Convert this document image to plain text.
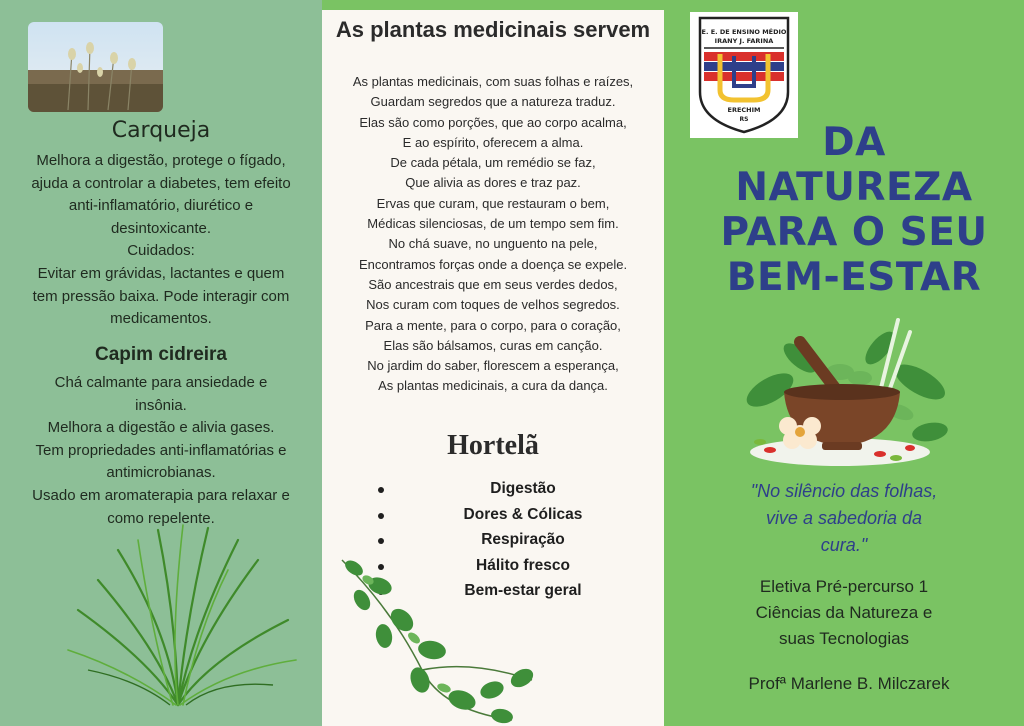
Carqueja
Melhora a digestão, protege o fígado,
ajuda a controlar a diabetes, tem efeito
anti-inflamatório, diurético e
desintoxicante.
Cuidados:
Evitar em grávidas, lactantes e quem
tem pressão baixa. Pode interagir com
medicamentos.
Capim cidreira
Chá calmante para ansiedade e
insônia.
Melhora a digestão e alivia gases.
Tem propriedades anti-inflamatórias e
antimicrobianas.
Usado em aromaterapia para relaxar e
como repelente.
As plantas medicinais servem
As plantas medicinais, com suas folhas e raízes,
Guardam segredos que a natureza traduz.
Elas são como porções, que ao corpo acalma,
E ao espírito, oferecem a alma.
De cada pétala, um remédio se faz,
Que alivia as dores e traz paz.
Ervas que curam, que restauram o bem,
Médicas silenciosas, de um tempo sem fim.
No chá suave, no unguento na pele,
Encontramos forças onde a doença se expele.
São ancestrais que em seus verdes dedos,
Nos curam com toques de velhos segredos.
Para a mente, para o corpo, para o coração,
Elas são bálsamos, curas em canção.
No jardim do saber, florescem a esperança,
As plantas medicinais, a cura da dança.
Hortelã
Digestão
Dores & Cólicas
Respiração
Hálito fresco
Bem-estar geral
E. E. DE ENSINO MÉDIO
IRANY J. FARINA
ERECHIM
RS
DA
NATUREZA
PARA O SEU
BEM-ESTAR
"No silêncio das folhas,
vive a sabedoria da
cura."
Eletiva Pré-percurso 1
Ciências da Natureza e
suas Tecnologias
Profª Marlene B. Milczarek
